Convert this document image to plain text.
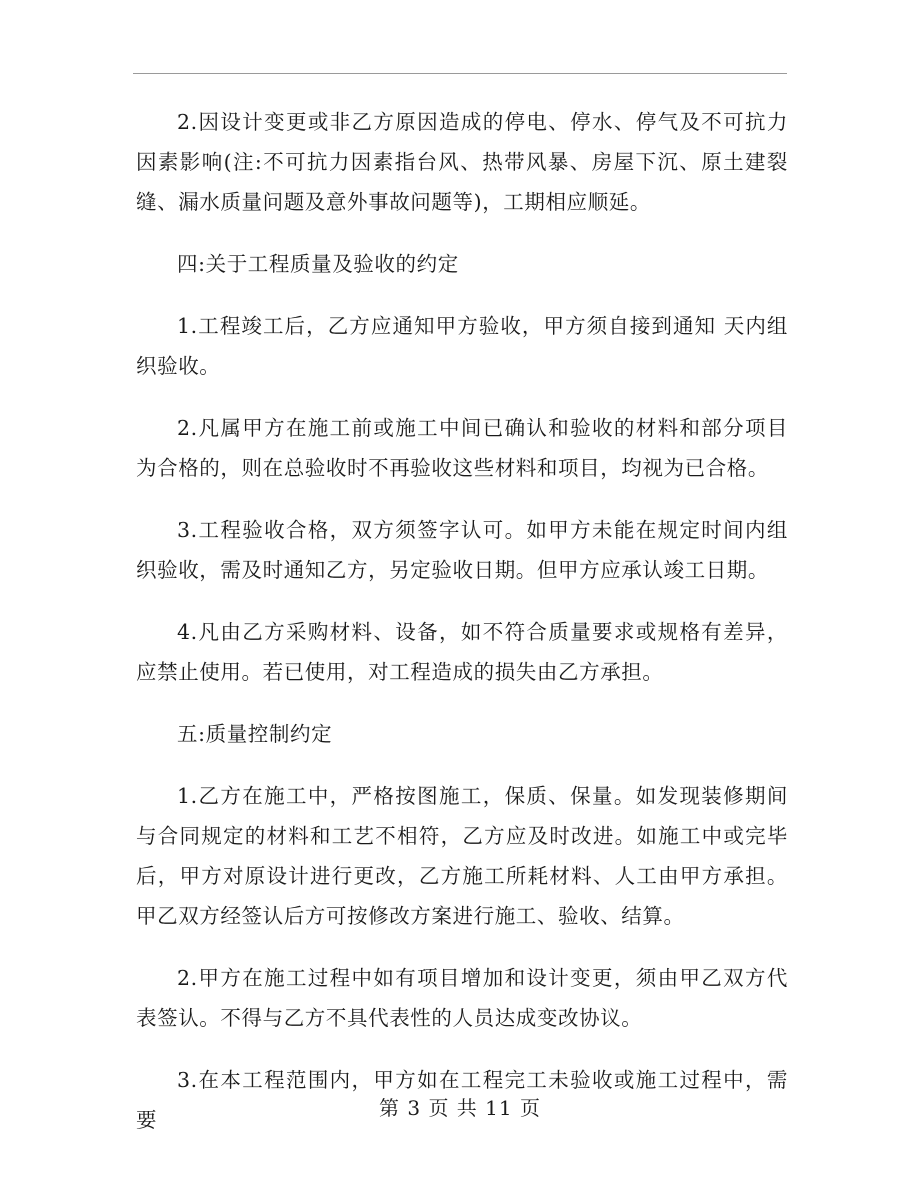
2.因设计变更或非乙方原因造成的停电、停水、停气及不可抗力因素影响(注:不可抗力因素指台风、热带风暴、房屋下沉、原土建裂缝、漏水质量问题及意外事故问题等)，工期相应顺延。

四:关于工程质量及验收的约定

1.工程竣工后，乙方应通知甲方验收，甲方须自接到通知 天内组织验收。

2.凡属甲方在施工前或施工中间已确认和验收的材料和部分项目为合格的，则在总验收时不再验收这些材料和项目，均视为已合格。

3.工程验收合格，双方须签字认可。如甲方未能在规定时间内组织验收，需及时通知乙方，另定验收日期。但甲方应承认竣工日期。

4.凡由乙方采购材料、设备，如不符合质量要求或规格有差异，应禁止使用。若已使用，对工程造成的损失由乙方承担。

五:质量控制约定

1.乙方在施工中，严格按图施工，保质、保量。如发现装修期间与合同规定的材料和工艺不相符，乙方应及时改进。如施工中或完毕后，甲方对原设计进行更改，乙方施工所耗材料、人工由甲方承担。甲乙双方经签认后方可按修改方案进行施工、验收、结算。

2.甲方在施工过程中如有项目增加和设计变更，须由甲乙双方代表签认。不得与乙方不具代表性的人员达成变改协议。

3.在本工程范围内，甲方如在工程完工未验收或施工过程中，需要	第 3 页 共 11 页
